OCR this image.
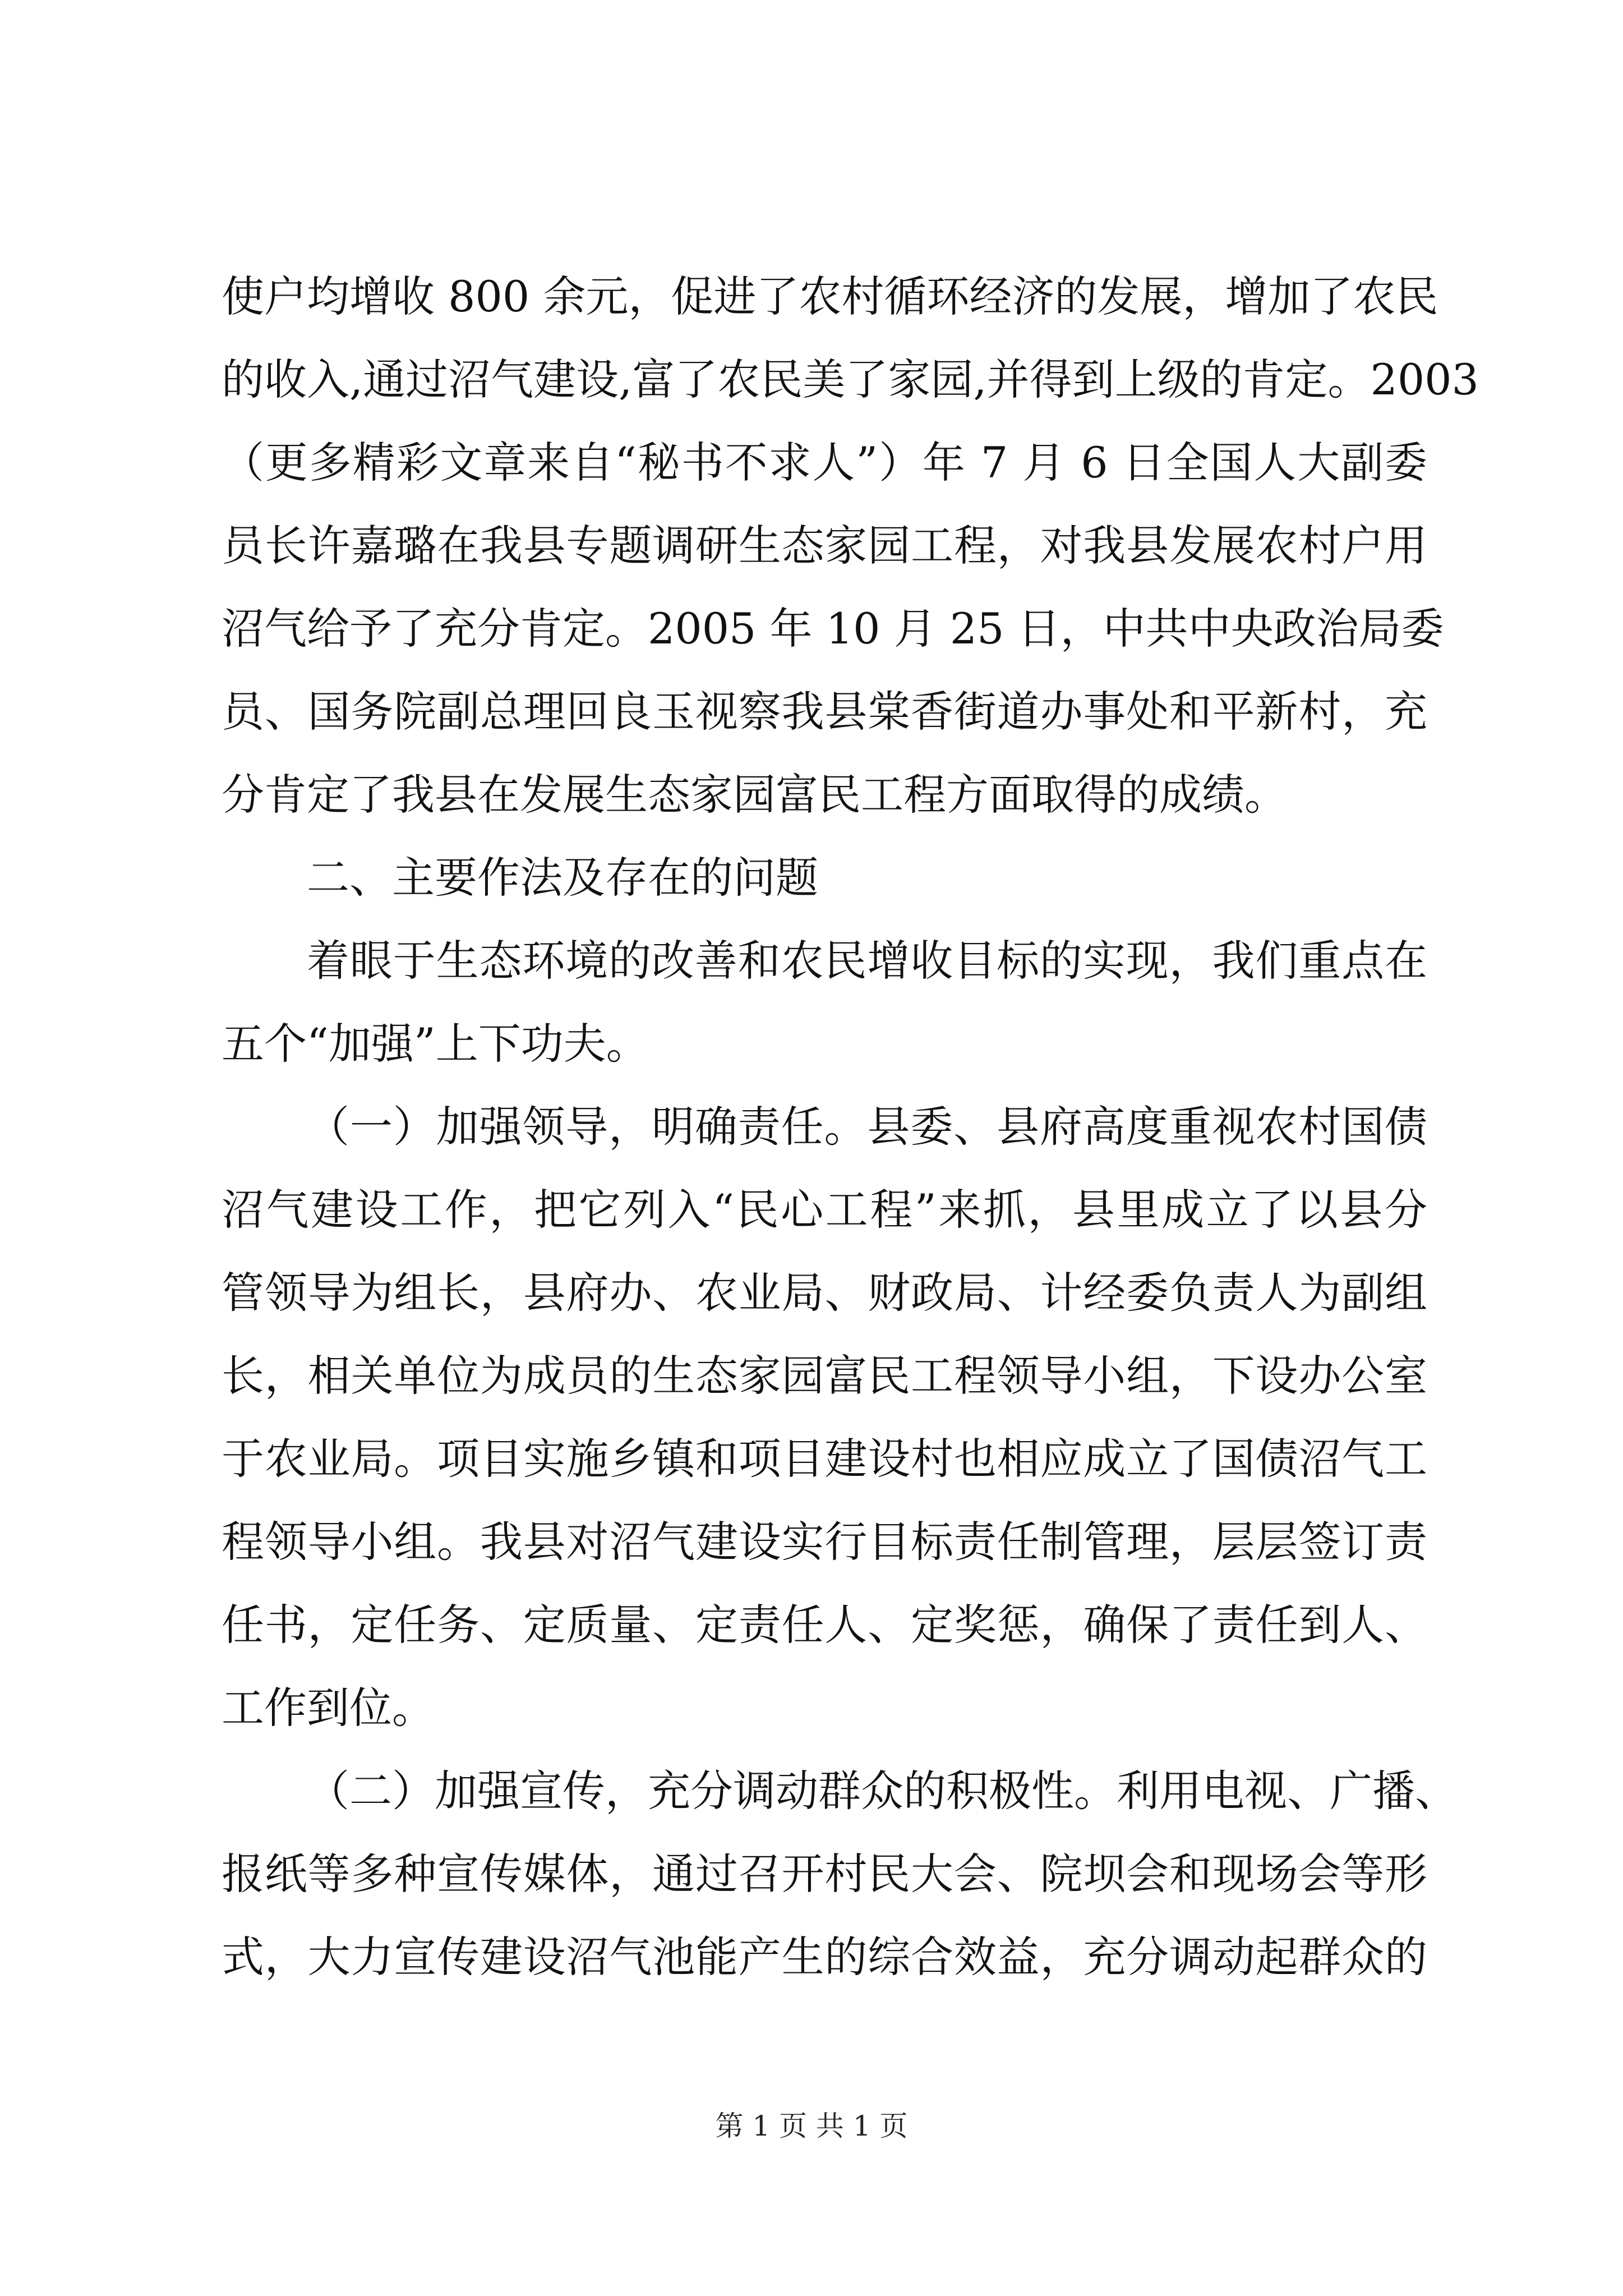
使户均增收 800 余元，促进了农村循环经济的发展，增加了农民
的收入,通过沼气建设,富了农民美了家园,并得到上级的肯定。2003
（更多精彩文章来自“秘书不求人”）年 7 月 6 日全国人大副委
员长许嘉璐在我县专题调研生态家园工程，对我县发展农村户用
沼气给予了充分肯定。2005 年 10 月 25 日，中共中央政治局委
员、国务院副总理回良玉视察我县棠香街道办事处和平新村，充
分肯定了我县在发展生态家园富民工程方面取得的成绩。
二、主要作法及存在的问题
着眼于生态环境的改善和农民增收目标的实现，我们重点在
五个“加强”上下功夫。
（一）加强领导，明确责任。县委、县府高度重视农村国债
沼气建设工作，把它列入“民心工程”来抓，县里成立了以县分
管领导为组长，县府办、农业局、财政局、计经委负责人为副组
长，相关单位为成员的生态家园富民工程领导小组，下设办公室
于农业局。项目实施乡镇和项目建设村也相应成立了国债沼气工
程领导小组。我县对沼气建设实行目标责任制管理，层层签订责
任书，定任务、定质量、定责任人、定奖惩，确保了责任到人、
工作到位。
（二）加强宣传，充分调动群众的积极性。利用电视、广播、
报纸等多种宣传媒体，通过召开村民大会、院坝会和现场会等形
式，大力宣传建设沼气池能产生的综合效益，充分调动起群众的
第 1 页 共 1 页
